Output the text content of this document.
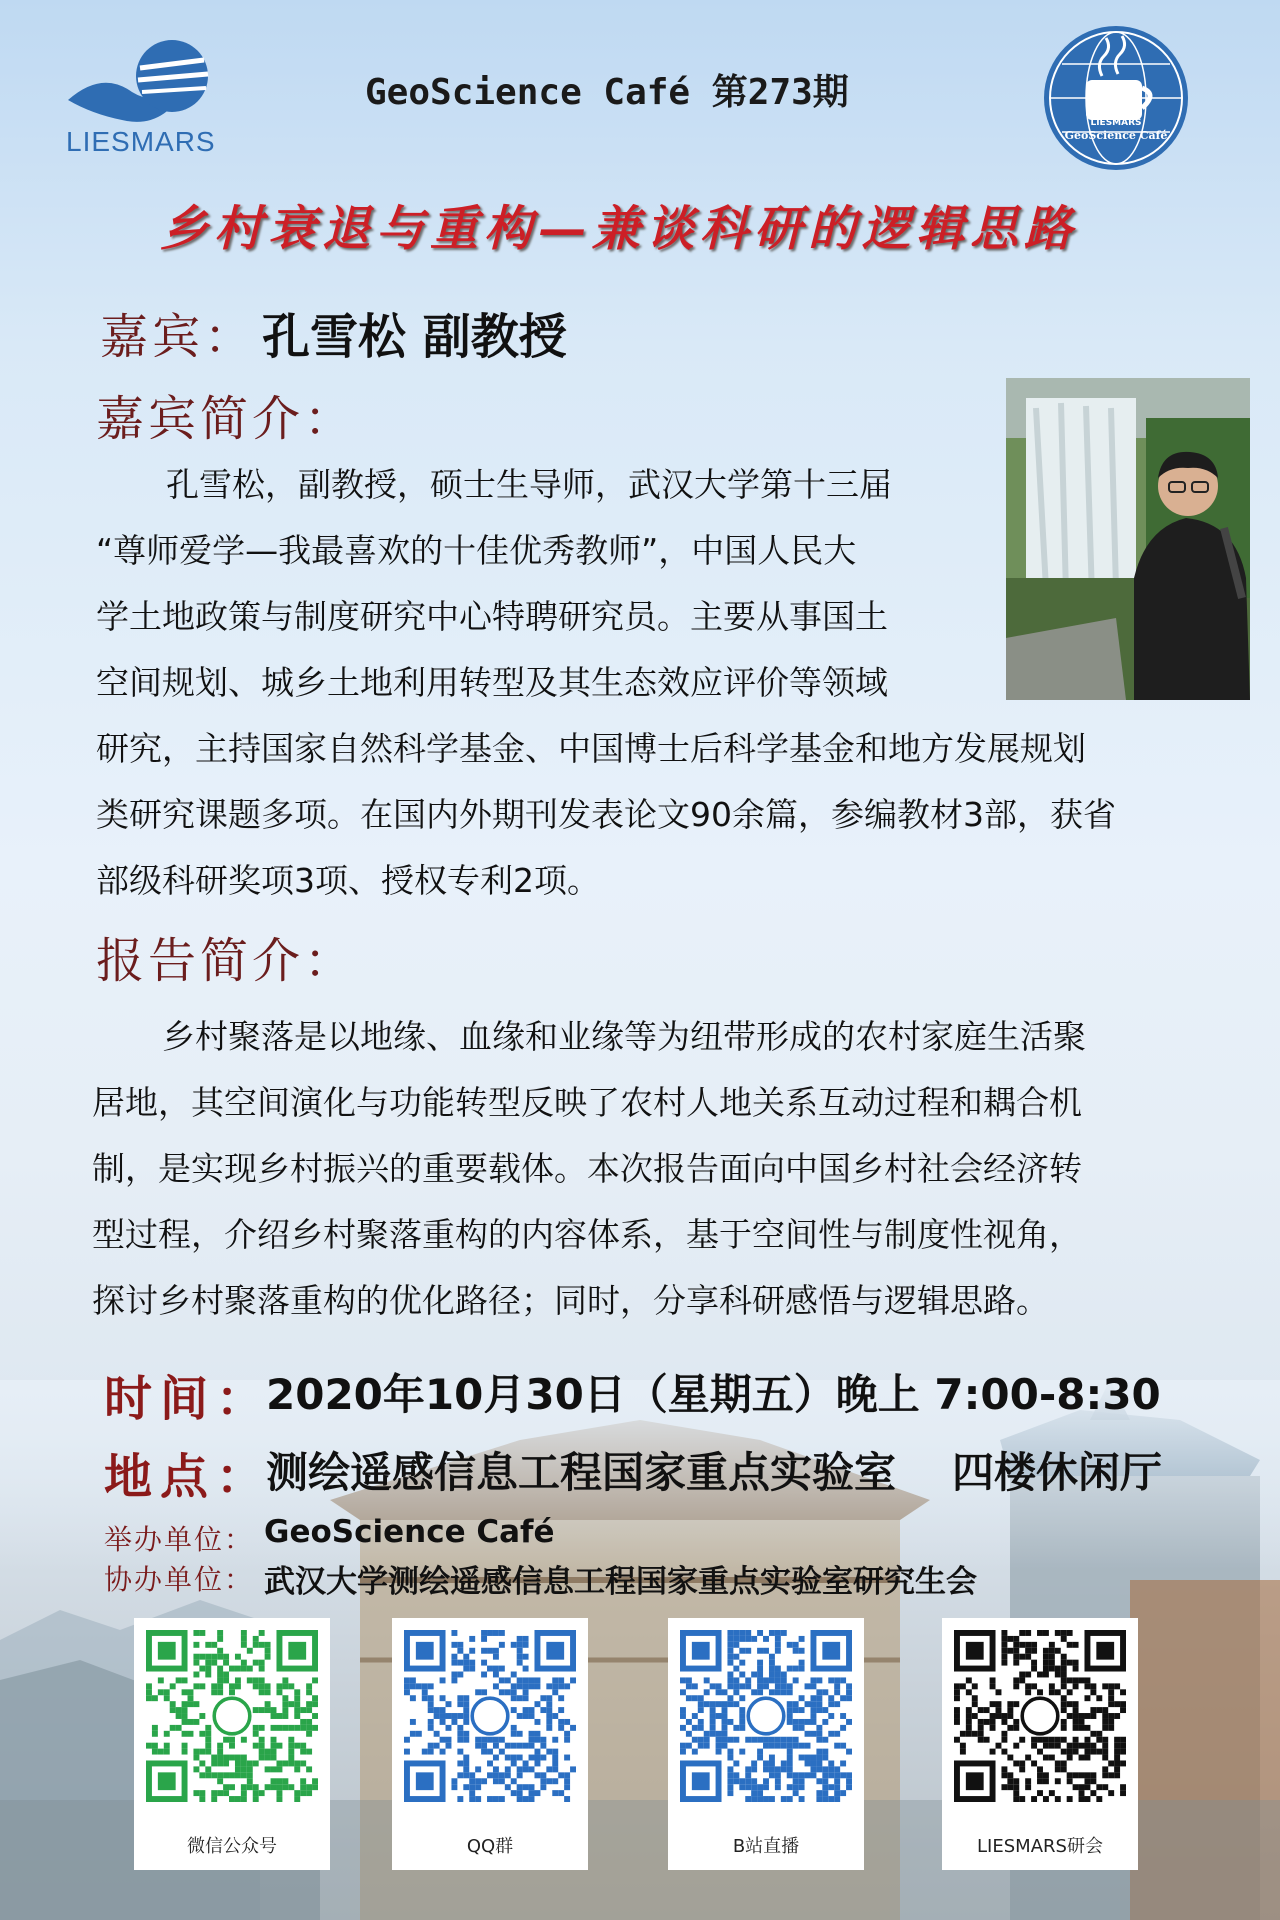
LIESMARS
GeoScience Café 第273期
LIESMARS
GeoScience Café
乡村衰退与重构—兼谈科研的逻辑思路
嘉宾： 孔雪松 副教授
嘉宾简介：
孔雪松，副教授，硕士生导师，武汉大学第十三届
“尊师爱学—我最喜欢的十佳优秀教师”，中国人民大
学土地政策与制度研究中心特聘研究员。主要从事国土
空间规划、城乡土地利用转型及其生态效应评价等领域
研究，主持国家自然科学基金、中国博士后科学基金和地方发展规划
类研究课题多项。在国内外期刊发表论文90余篇，参编教材3部，获省
部级科研奖项3项、授权专利2项。
报告简介：
乡村聚落是以地缘、血缘和业缘等为纽带形成的农村家庭生活聚
居地，其空间演化与功能转型反映了农村人地关系互动过程和耦合机
制，是实现乡村振兴的重要载体。本次报告面向中国乡村社会经济转
型过程，介绍乡村聚落重构的内容体系，基于空间性与制度性视角，
探讨乡村聚落重构的优化路径；同时，分享科研感悟与逻辑思路。
时间：
2020年10月30日（星期五）晚上 7:00-8:30
地点：
测绘遥感信息工程国家重点实验室 四楼休闲厅
举办单位： GeoScience Café
协办单位： 武汉大学测绘遥感信息工程国家重点实验室研究生会
微信公众号	QQ群	B站直播	LIESMARS研会
